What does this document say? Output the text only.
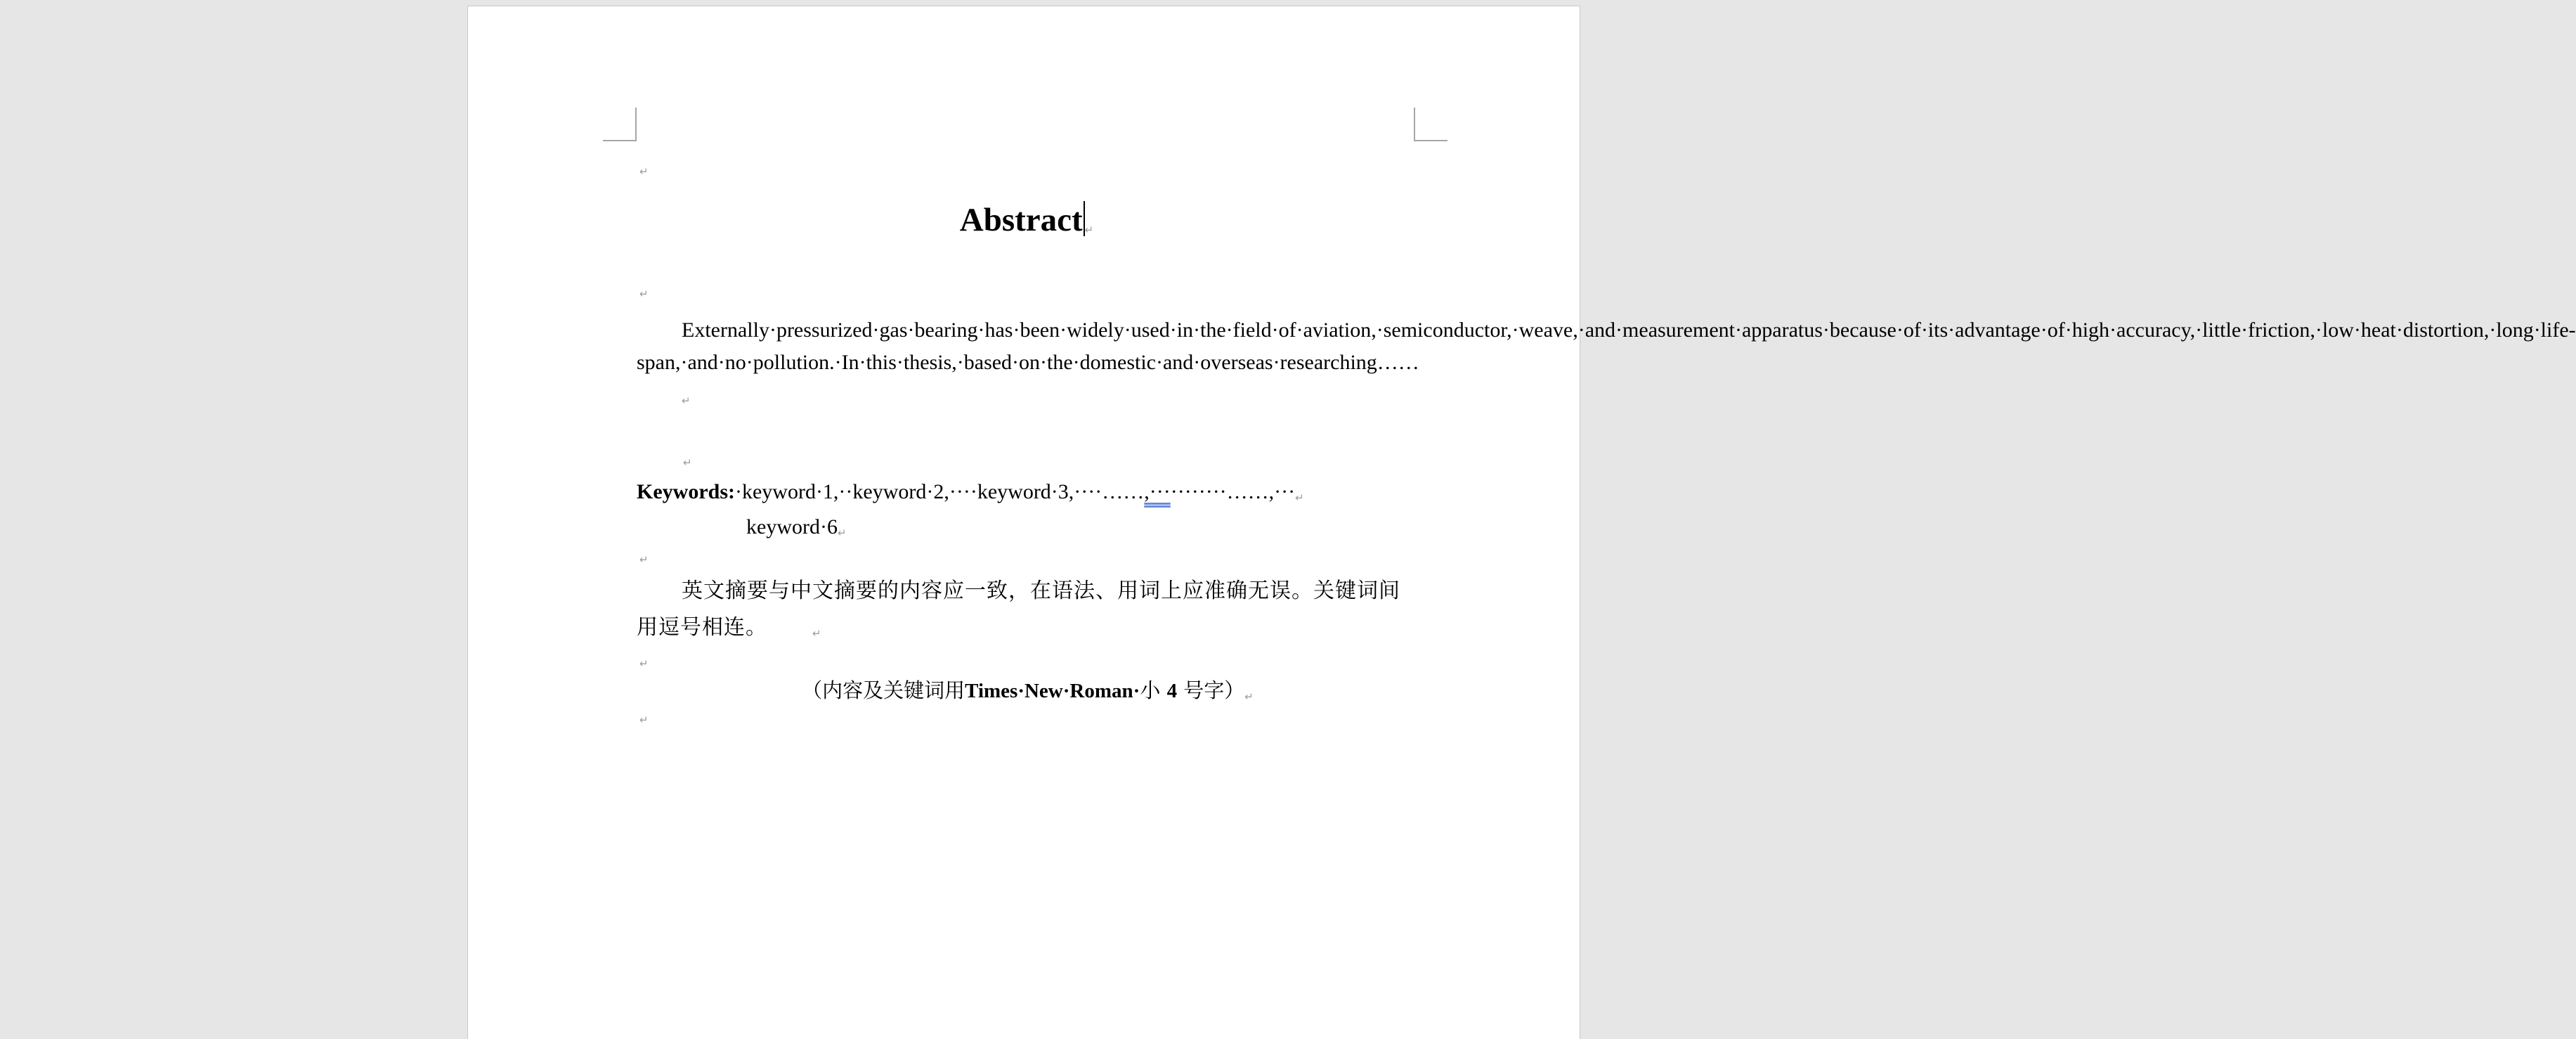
↵
Abstract ↵
↵

Externally·pressurized·gas·bearing·has·been·widely·used·in·the·field·of·aviation,·semiconductor,·weave,·and·measurement·apparatus·because·of·its·advantage·of·high·accuracy,·little·friction,·low·heat·distortion,·long·life-span,·and·no·pollution.·In·this·thesis,·based·on·the·domestic·and·overseas·researching……↵

↵
Keywords:·keyword·1,··keyword·2,····keyword·3,····……,···········……,···↵
keyword·6↵
↵

英文摘要与中文摘要的内容应一致，在语法、用词上应准确无误。关键词间用逗号相连。	↵

↵
（内容及关键词用Times·New·Roman·小 4 号字）↵
↵
